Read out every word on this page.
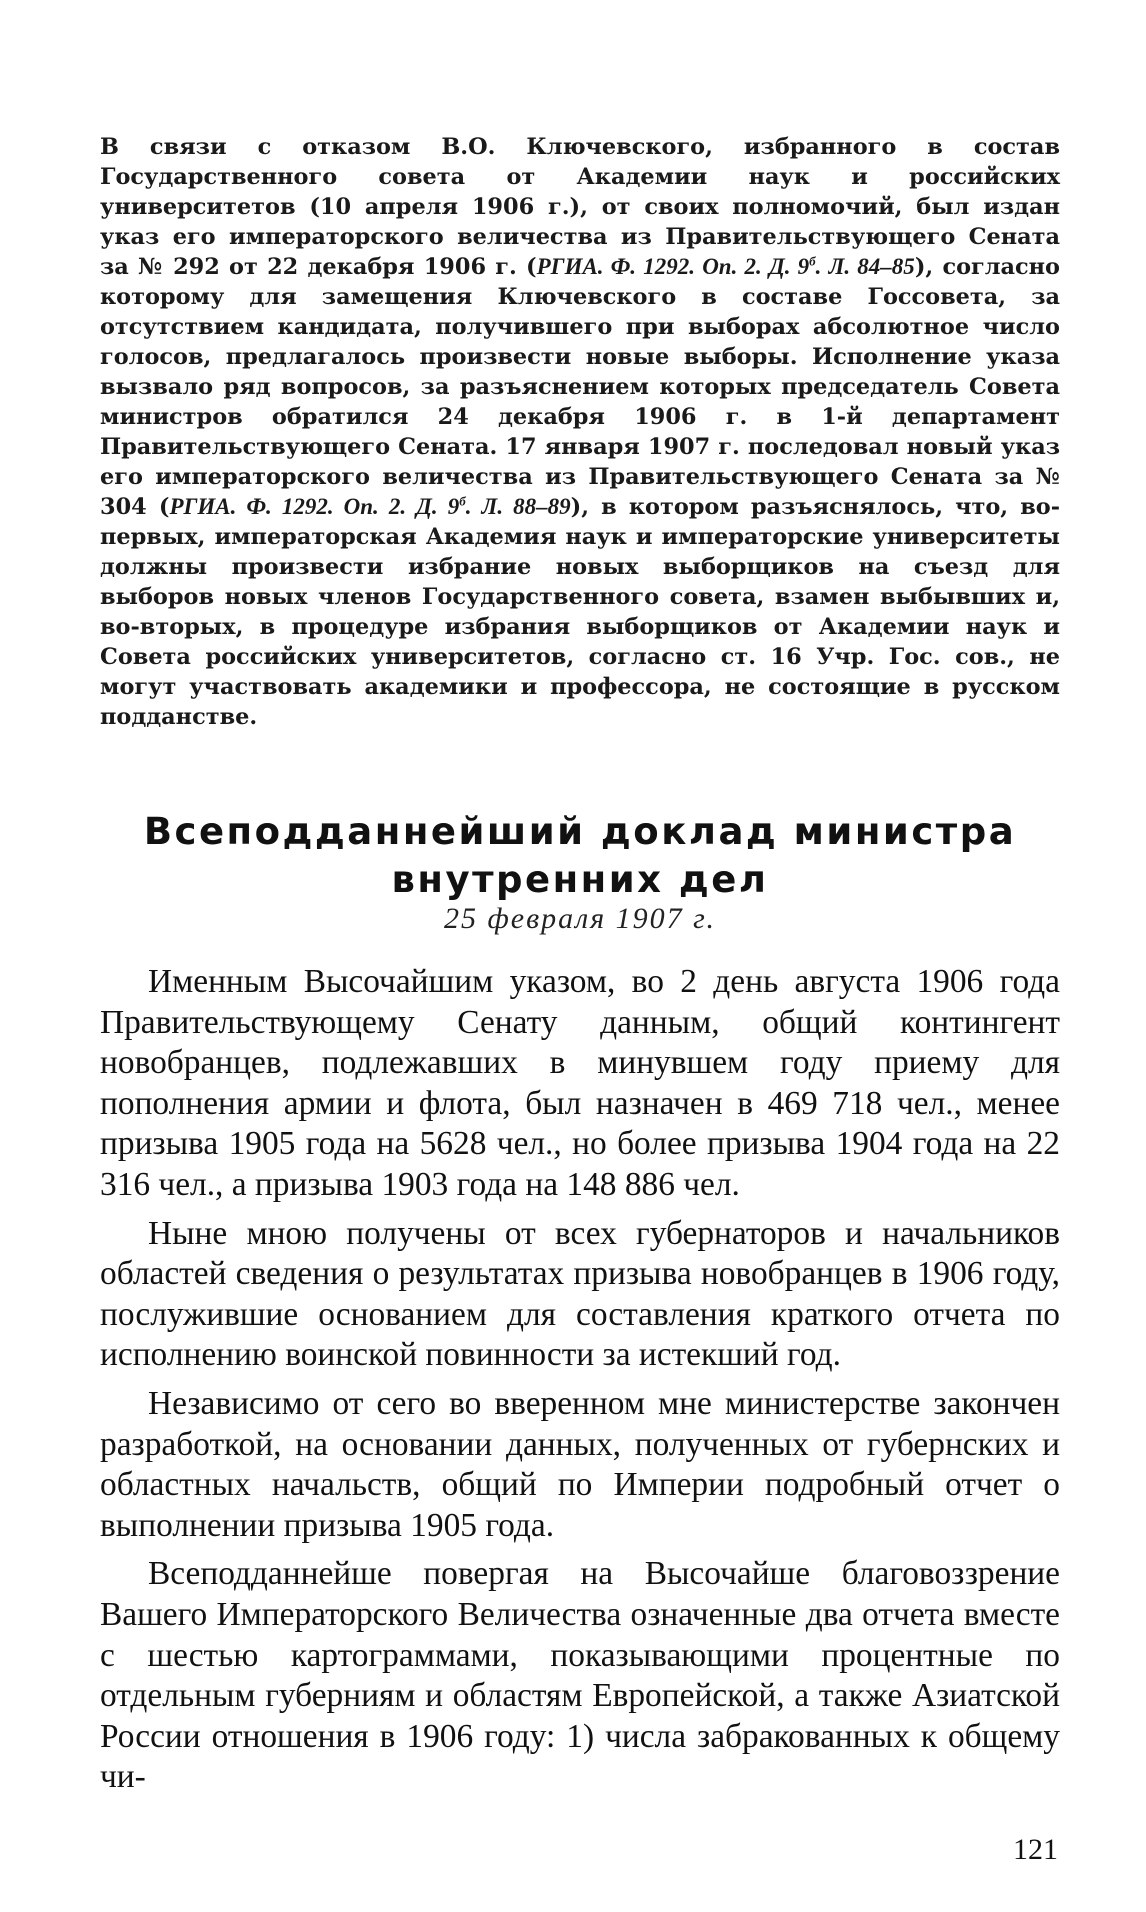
В связи с отказом В.О. Ключевского, избранного в состав Государственного совета от Академии наук и российских университетов (10 апреля 1906 г.), от своих полномочий, был издан указ его императорского величества из Правительствующего Сената за № 292 от 22 декабря 1906 г. (РГИА. Ф. 1292. Оп. 2. Д. $9^б$. Л. 84–85), согласно которому для замещения Ключевского в составе Госсовета, за отсутствием кандидата, получившего при выборах абсолютное число голосов, предлагалось произвести новые выборы. Исполнение указа вызвало ряд вопросов, за разъяснением которых председатель Совета министров обратился 24 декабря 1906 г. в 1-й департамент Правительствующего Сената. 17 января 1907 г. последовал новый указ его императорского величества из Правительствующего Сената за № 304 (РГИА. Ф. 1292. Оп. 2. Д. $9^б$. Л. 88–89), в котором разъяснялось, что, во-первых, императорская Академия наук и императорские университеты должны произвести избрание новых выборщиков на съезд для выборов новых членов Государственного совета, взамен выбывших и, во-вторых, в процедуре избрания выборщиков от Академии наук и Совета российских университетов, согласно ст. 16 Учр. Гос. сов., не могут участвовать академики и профессора, не состоящие в русском подданстве.

Всеподданнейший доклад министра
внутренних дел

25 февраля 1907 г.

Именным Высочайшим указом, во 2 день августа 1906 года Правительствующему Сенату данным, общий контингент новобранцев, подлежавших в минувшем году приему для пополнения армии и флота, был назначен в 469 718 чел., менее призыва 1905 года на 5628 чел., но более призыва 1904 года на 22 316 чел., а призыва 1903 года на 148 886 чел.

Ныне мною получены от всех губернаторов и начальников областей сведения о результатах призыва новобранцев в 1906 году, послужившие основанием для составления краткого отчета по исполнению воинской повинности за истекший год.

Независимо от сего во вверенном мне министерстве закончен разработкой, на основании данных, полученных от губернских и областных начальств, общий по Империи подробный отчет о выполнении призыва 1905 года.

Всеподданнейше повергая на Высочайше благовоззрение Вашего Императорского Величества означенные два отчета вместе с шестью картограммами, показывающими процентные по отдельным губерниям и областям Европейской, а также Азиатской России отношения в 1906 году: 1) числа забракованных к общему чи-

121
